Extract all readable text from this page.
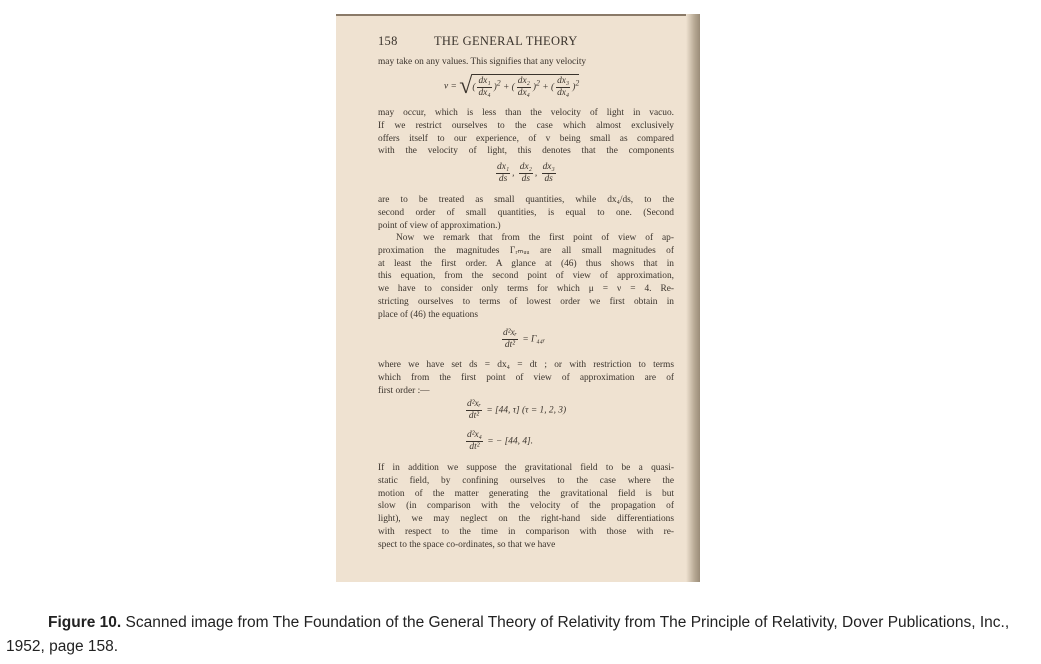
158	THE GENERAL THEORY
may take on any values. This signifies that any velocity
v = √( $\frac{\text{dx₁}}{\text{dx₄}} )^2$ + ( $\frac{\text{dx₂}}{\text{dx₄}} )^2$ + ( $\frac{\text{dx₃}}{\text{dx₄}} )^2$
may occur, which is less than the velocity of light in vacuo.
If we restrict ourselves to the case which almost exclusively
offers itself to our experience, of v being small as compared
with the velocity of light, this denotes that the components
$\frac{\text{dx₁}}{ds}$ , $\frac{\text{dx₂}}{ds}$ , $\frac{\text{dx₃}}{ds}$
are to be treated as small quantities, while dx₄/ds, to the
second order of small quantities, is equal to one. (Second
point of view of approximation.)
Now we remark that from the first point of view of ap-
proximation the magnitudes Γᵣₘᵤᵤ are all small magnitudes of
at least the first order. A glance at (46) thus shows that in
this equation, from the second point of view of approximation,
we have to consider only terms for which μ = ν = 4. Re-
stricting ourselves to terms of lowest order we first obtain in
place of (46) the equations
$\frac{\text{d²xᵣ}}{\text{dt²}}$ = Γ₄₄ᵣ
where we have set ds = dx₄ = dt ; or with restriction to terms
which from the first point of view of approximation are of
first order :—
$\frac{\text{d²xᵣ}}{\text{dt²}} = [44$, τ] (τ = 1, 2, 3)
$\frac{\text{d²x₄}}{\text{dt²}}$ = − [44, 4].
If in addition we suppose the gravitational field to be a quasi-
static field, by confining ourselves to the case where the
motion of the matter generating the gravitational field is but
slow (in comparison with the velocity of the propagation of
light), we may neglect on the right-hand side differentiations
with respect to the time in comparison with those with re-
spect to the space co-ordinates, so that we have
Figure 10. Scanned image from The Foundation of the General Theory of Relativity from The Principle of Relativity, Dover Publications, Inc., 1952, page 158.
